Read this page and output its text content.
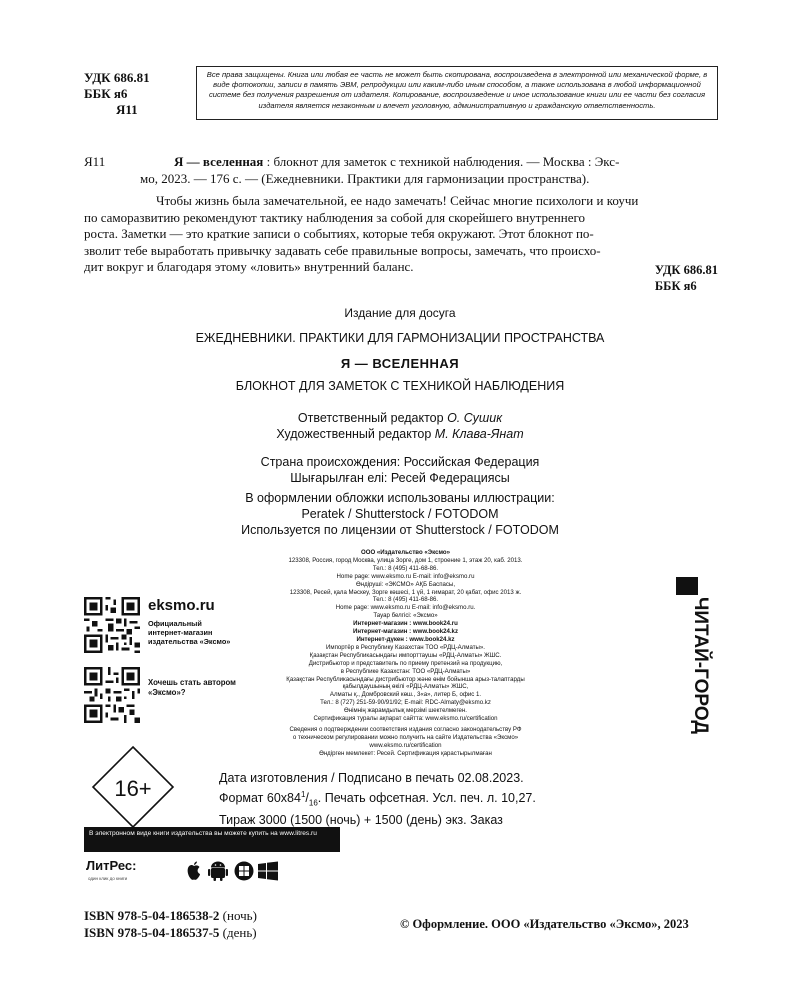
УДК 686.81
ББК я6
Я11
Все права защищены. Книга или любая ее часть не может быть скопирована, воспроизведена в электронной или механической форме, в виде фотокопии, записи в память ЭВМ, репродукции или каким-либо иным способом, а также использована в любой информационной системе без получения разрешения от издателя. Копирование, воспроизведение и иное использование книги или ее части без согласия издателя является незаконным и влечет уголовную, административную и гражданскую ответственность.
Я11	Я — вселенная : блокнот для заметок с техникой наблюдения. — Москва : Экс-
мо, 2023. — 176 с. — (Ежедневники. Практики для гармонизации пространства).
Чтобы жизнь была замечательной, ее надо замечать! Сейчас многие психологи и коучи
по саморазвитию рекомендуют тактику наблюдения за собой для скорейшего внутреннего
роста. Заметки — это краткие записи о событиях, которые тебя окружают. Этот блокнот по-
зволит тебе выработать привычку задавать себе правильные вопросы, замечать, что происхо-
дит вокруг и благодаря этому «ловить» внутренний баланс.	УДК 686.81
ББК я6
Издание для досуга
ЕЖЕДНЕВНИКИ. ПРАКТИКИ ДЛЯ ГАРМОНИЗАЦИИ ПРОСТРАНСТВА
Я — ВСЕЛЕННАЯ
БЛОКНОТ ДЛЯ ЗАМЕТОК С ТЕХНИКОЙ НАБЛЮДЕНИЯ
Ответственный редактор О. Сушик
Художественный редактор М. Клава-Янат
Страна происхождения: Российская Федерация
Шығарылған елі: Ресей Федерациясы
В оформлении обложки использованы иллюстрации:
Peratek / Shutterstock / FOTODOM
Используется по лицензии от Shutterstock / FOTODOM
ООО «Издательство «Эксмо»
123308, Россия, город Москва, улица Зорге, дом 1, строение 1, этаж 20, каб. 2013.
Тел.: 8 (495) 411-68-86.
Home page: www.eksmo.ru E-mail: info@eksmo.ru
Өндіруші: «ЭКСМО» АҚБ Баспасы,
123308, Ресей, қала Мәскеу, Зорге көшесі, 1 үй, 1 ғимарат, 20 қабат, офис 2013 ж.
Тел.: 8 (495) 411-68-86.
Home page: www.eksmo.ru E-mail: info@eksmo.ru.
Тауар белгісі: «Эксмо»
Интернет-магазин : www.book24.ru
Интернет-магазин : www.book24.kz
Интернет-дүкен : www.book24.kz
Импортёр в Республику Казахстан ТОО «РДЦ-Алматы».
Қазақстан Республикасындағы импорттаушы «РДЦ-Алматы» ЖШС.
Дистрибьютор и представитель по приему претензий на продукцию,
в Республике Казахстан: ТОО «РДЦ-Алматы»
Қазақстан Республикасындағы дистрибьютор және өнім бойынша арыз-талаптарды
қабылдаушының өкілі «РДЦ-Алматы» ЖШС,
Алматы қ., Домбровский көш., 3«а», литер Б, офис 1.
Тел.: 8 (727) 251-59-90/91/92; E-mail: RDC-Almaty@eksmo.kz
Өнімнің жарамдылық мерзімі шектелмеген.
Сертификация туралы ақпарат сайтта: www.eksmo.ru/certification
Сведения о подтверждении соответствия издания согласно законодательству РФ
о техническом регулировании можно получить на сайте Издательства «Эксмо»
www.eksmo.ru/certification
Өндірген мемлекет: Ресей. Сертификация қарастырылмаған
eksmo.ru
Официальный интернет-магазин издательства «Эксмо»
Хочешь стать автором «Эксмо»?
16+
В электронном виде книги издательства вы можете купить на www.litres.ru
ЛитРес:
один клик до книги
ЧИТАЙ-ГОРОД
Дата изготовления / Подписано в печать 02.08.2023.
Формат $60х84^1/_{16}$. Печать офсетная. Усл. печ. л. 10,27.
Тираж 3000 (1500 (ночь) + 1500 (день) экз. Заказ
ISBN 978-5-04-186538-2 (ночь)
ISBN 978-5-04-186537-5 (день)
© Оформление. ООО «Издательство «Эксмо», 2023
